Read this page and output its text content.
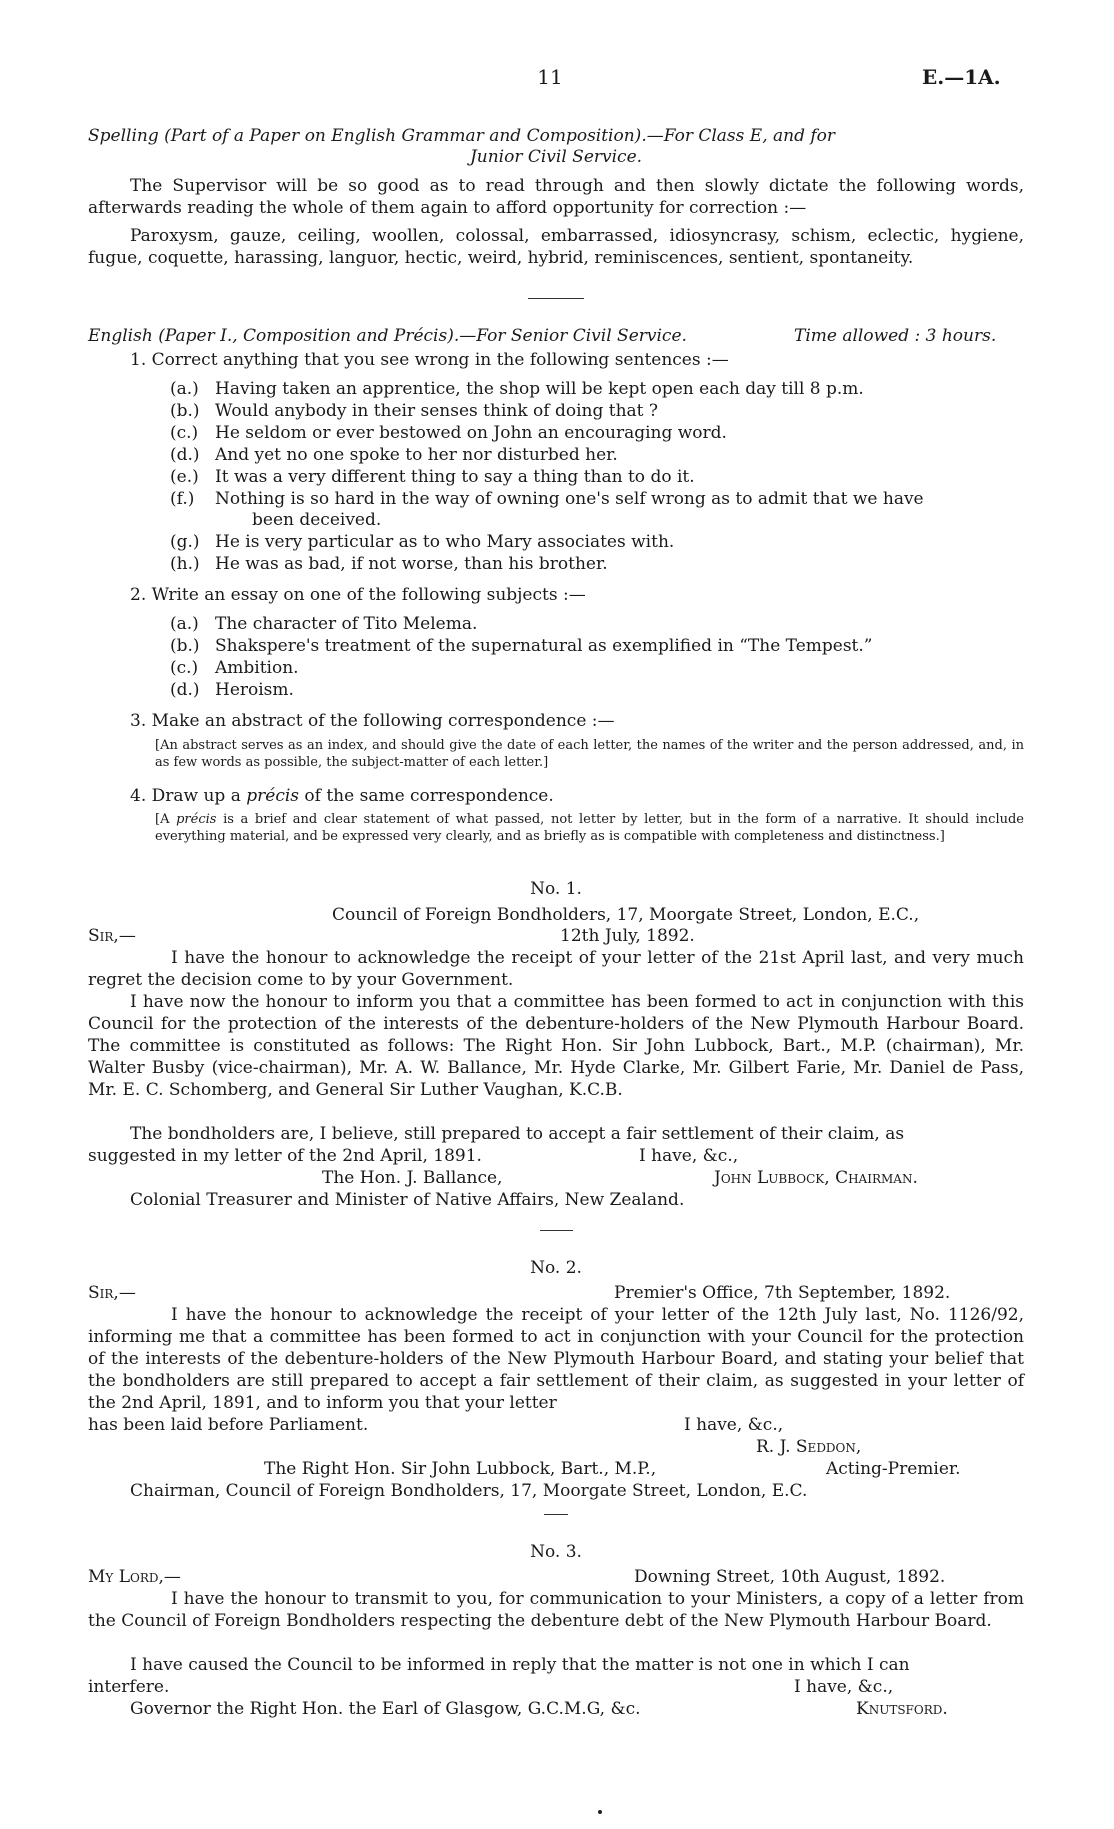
11	E.—1A.
Spelling (Part of a Paper on English Grammar and Composition).—For Class E, and for
Junior Civil Service.
The Supervisor will be so good as to read through and then slowly dictate the following words, afterwards reading the whole of them again to afford opportunity for correction :—
Paroxysm, gauze, ceiling, woollen, colossal, embarrassed, idiosyncrasy, schism, eclectic, hygiene, fugue, coquette, harassing, languor, hectic, weird, hybrid, reminiscences, sentient, spontaneity.
English (Paper I., Composition and Précis).—For Senior Civil Service.	Time allowed : 3 hours.
1. Correct anything that you see wrong in the following sentences :—
(a.) Having taken an apprentice, the shop will be kept open each day till 8 p.m.
(b.) Would anybody in their senses think of doing that ?
(c.) He seldom or ever bestowed on John an encouraging word.
(d.) And yet no one spoke to her nor disturbed her.
(e.) It was a very different thing to say a thing than to do it.
(f.) Nothing is so hard in the way of owning one's self wrong as to admit that we have
been deceived.
(g.) He is very particular as to who Mary associates with.
(h.) He was as bad, if not worse, than his brother.
2. Write an essay on one of the following subjects :—
(a.) The character of Tito Melema.
(b.) Shakspere's treatment of the supernatural as exemplified in “The Tempest.”
(c.) Ambition.
(d.) Heroism.
3. Make an abstract of the following correspondence :—
[An abstract serves as an index, and should give the date of each letter, the names of the writer and the person addressed, and, in as few words as possible, the subject-matter of each letter.]
4. Draw up a précis of the same correspondence.
[A précis is a brief and clear statement of what passed, not letter by letter, but in the form of a narrative. It should include everything material, and be expressed very clearly, and as briefly as is compatible with completeness and distinctness.]
No. 1.
Council of Foreign Bondholders, 17, Moorgate Street, London, E.C.,
Sir,—	12th July, 1892.
I have the honour to acknowledge the receipt of your letter of the 21st April last, and very much regret the decision come to by your Government.
I have now the honour to inform you that a committee has been formed to act in conjunction with this Council for the protection of the interests of the debenture-holders of the New Plymouth Harbour Board. The committee is constituted as follows: The Right Hon. Sir John Lubbock, Bart., M.P. (chairman), Mr. Walter Busby (vice-chairman), Mr. A. W. Ballance, Mr. Hyde Clarke, Mr. Gilbert Farie, Mr. Daniel de Pass, Mr. E. C. Schomberg, and General Sir Luther Vaughan, K.C.B.
The bondholders are, I believe, still prepared to accept a fair settlement of their claim, as
suggested in my letter of the 2nd April, 1891.	I have, &c.,
The Hon. J. Ballance,	John Lubbock, Chairman.
Colonial Treasurer and Minister of Native Affairs, New Zealand.
No. 2.
Sir,—	Premier's Office, 7th September, 1892.
I have the honour to acknowledge the receipt of your letter of the 12th July last, No. 1126/92, informing me that a committee has been formed to act in conjunction with your Council for the protection of the interests of the debenture-holders of the New Plymouth Harbour Board, and stating your belief that the bondholders are still prepared to accept a fair settlement of their claim, as suggested in your letter of the 2nd April, 1891, and to inform you that your letter
has been laid before Parliament.	I have, &c.,
R. J. Seddon,
The Right Hon. Sir John Lubbock, Bart., M.P.,	Acting-Premier.
Chairman, Council of Foreign Bondholders, 17, Moorgate Street, London, E.C.
No. 3.
My Lord,—	Downing Street, 10th August, 1892.
I have the honour to transmit to you, for communication to your Ministers, a copy of a letter from the Council of Foreign Bondholders respecting the debenture debt of the New Plymouth Harbour Board.
I have caused the Council to be informed in reply that the matter is not one in which I can
interfere.	I have, &c.,
Governor the Right Hon. the Earl of Glasgow, G.C.M.G, &c.	Knutsford.
